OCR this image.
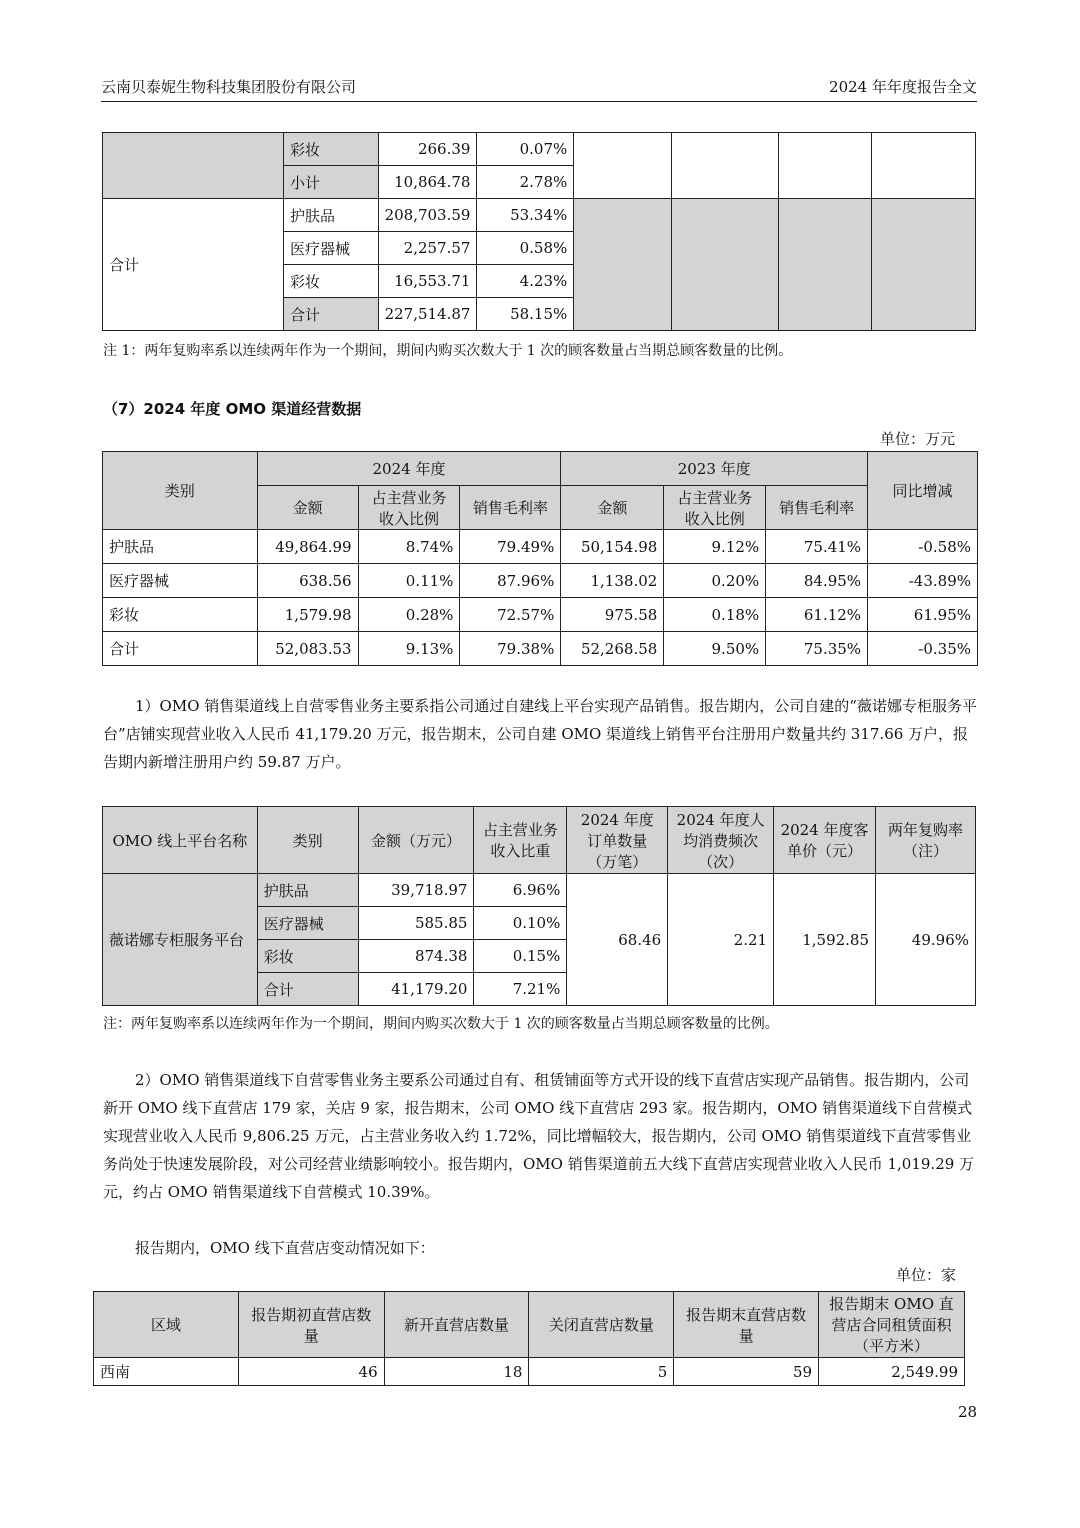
云南贝泰妮生物科技集团股份有限公司	2024 年年度报告全文
	彩妆	266.39	0.07%				
	小计	10,864.78	2.78%				
合计	护肤品	208,703.59	53.34%				
	医疗器械	2,257.57	0.58%				
	彩妆	16,553.71	4.23%				
	合计	227,514.87	58.15%				
注 1：两年复购率系以连续两年作为一个期间，期间内购买次数大于 1 次的顾客数量占当期总顾客数量的比例。
（7）2024 年度 OMO 渠道经营数据
单位：万元
类别	2024 年度			2023 年度			同比增减
	金额	占主营业务收入比例	销售毛利率	金额	占主营业务收入比例	销售毛利率	
护肤品	49,864.99	8.74%	79.49%	50,154.98	9.12%	75.41%	-0.58%
医疗器械	638.56	0.11%	87.96%	1,138.02	0.20%	84.95%	-43.89%
彩妆	1,579.98	0.28%	72.57%	975.58	0.18%	61.12%	61.95%
合计	52,083.53	9.13%	79.38%	52,268.58	9.50%	75.35%	-0.35%
1）OMO 销售渠道线上自营零售业务主要系指公司通过自建线上平台实现产品销售。报告期内，公司自建的“薇诺娜专柜服务平台”店铺实现营业收入人民币 41,179.20 万元，报告期末，公司自建 OMO 渠道线上销售平台注册用户数量共约 317.66 万户，报告期内新增注册用户约 59.87 万户。
OMO 线上平台名称	类别	金额（万元）	占主营业务收入比重	2024 年度订单数量（万笔）	2024 年度人均消费频次（次）	2024 年度客单价（元）	两年复购率（注）
薇诺娜专柜服务平台	护肤品	39,718.97	6.96%	68.46	2.21	1,592.85	49.96%
	医疗器械	585.85	0.10%				
	彩妆	874.38	0.15%				
	合计	41,179.20	7.21%				
注：两年复购率系以连续两年作为一个期间，期间内购买次数大于 1 次的顾客数量占当期总顾客数量的比例。
2）OMO 销售渠道线下自营零售业务主要系公司通过自有、租赁铺面等方式开设的线下直营店实现产品销售。报告期内，公司新开 OMO 线下直营店 179 家，关店 9 家，报告期末，公司 OMO 线下直营店 293 家。报告期内，OMO 销售渠道线下自营模式实现营业收入人民币 9,806.25 万元，占主营业务收入约 1.72%，同比增幅较大，报告期内，公司 OMO 销售渠道线下直营零售业务尚处于快速发展阶段，对公司经营业绩影响较小。报告期内，OMO 销售渠道前五大线下直营店实现营业收入人民币 1,019.29 万元，约占 OMO 销售渠道线下自营模式 10.39%。
报告期内，OMO 线下直营店变动情况如下：
单位：家
区域	报告期初直营店数量	新开直营店数量	关闭直营店数量	报告期末直营店数量	报告期末 OMO 直营店合同租赁面积（平方米）
西南	46	18	5	59	2,549.99
28
